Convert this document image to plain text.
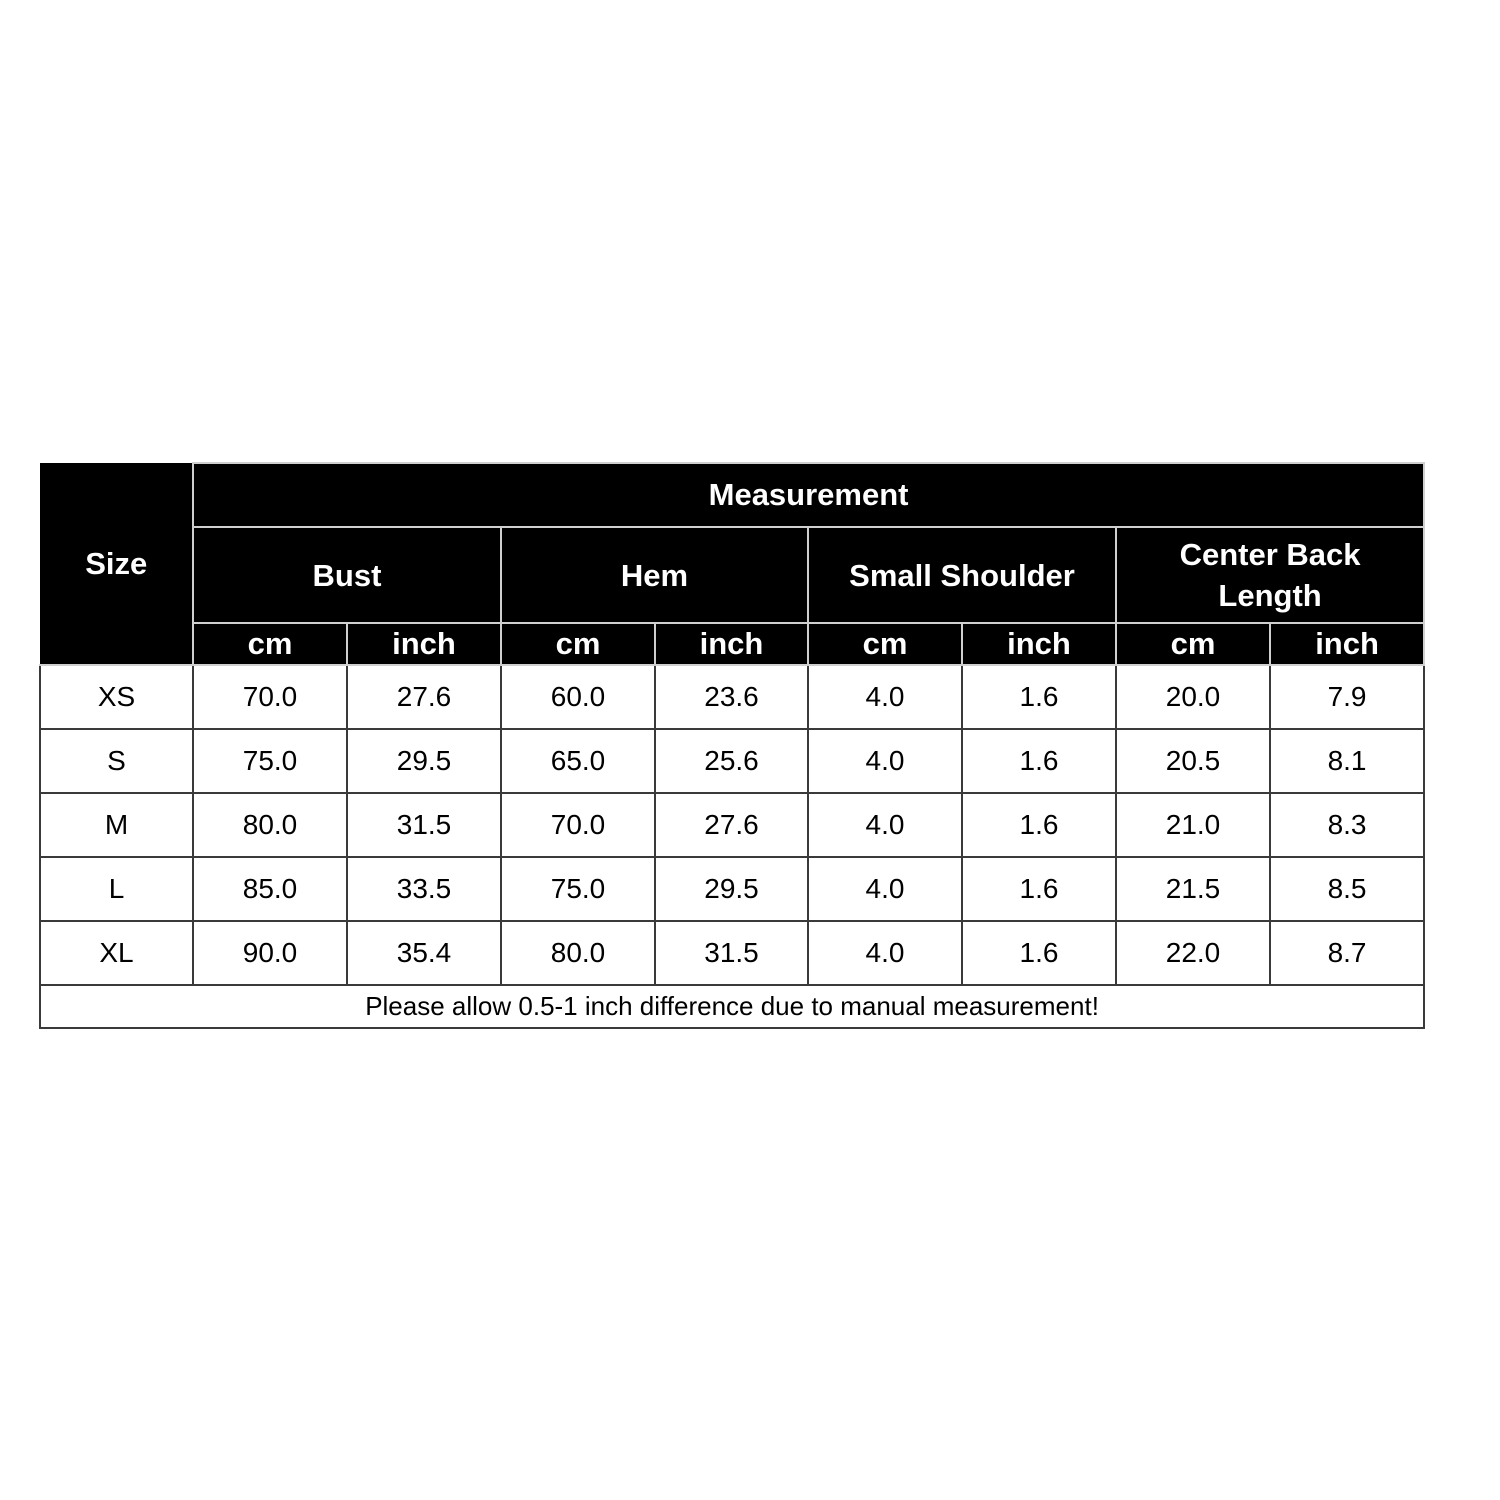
Size	Measurement							
	Bust		Hem		Small Shoulder		Center Back Length	
	cm	inch	cm	inch	cm	inch	cm	inch
XS	70.0	27.6	60.0	23.6	4.0	1.6	20.0	7.9
S	75.0	29.5	65.0	25.6	4.0	1.6	20.5	8.1
M	80.0	31.5	70.0	27.6	4.0	1.6	21.0	8.3
L	85.0	33.5	75.0	29.5	4.0	1.6	21.5	8.5
XL	90.0	35.4	80.0	31.5	4.0	1.6	22.0	8.7
Please allow 0.5-1 inch difference due to manual measurement!								
